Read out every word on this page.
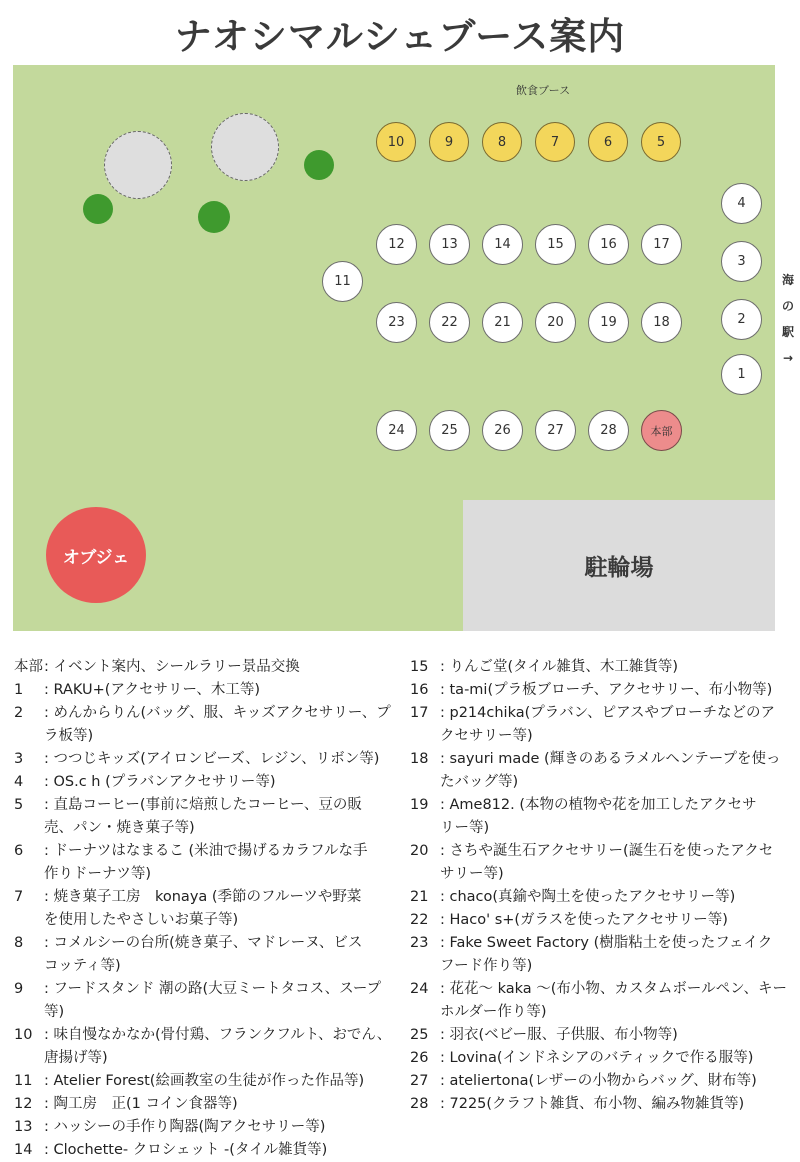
ナオシマルシェブース案内
飲食ブース
10	9	8	7	6	5
4
3
2
1
12	13	14	15	16	17
11
23	22	21	20	19	18
24	25	26	27	28	本部
オブジェ	駐輪場
海の駅→
本部 : イベント案内、シールラリー景品交換
1	: RAKU+(アクセサリー、木工等)
2	: めんからりん(バッグ、服、キッズアクセサリー、プ
ラ板等)
3	: つつじキッズ(アイロンビーズ、レジン、リボン等)
4	: OS.c h (プラバンアクセサリー等)
5	: 直島コーヒー(事前に焙煎したコーヒー、豆の販
売、パン・焼き菓子等)
6	: ドーナツはなまるこ (米油で揚げるカラフルな手
作りドーナツ等)
7	: 焼き菓子工房　konaya (季節のフルーツや野菜
を使用したやさしいお菓子等)
8	: コメルシーの台所(焼き菓子、マドレーヌ、ビス
コッティ等)
9	: フードスタンド 潮の路(大豆ミートタコス、スープ等)
10 : 味自慢なかなか(骨付鶏、フランクフルト、おでん、
唐揚げ等)
11 : Atelier Forest(絵画教室の生徒が作った作品等)
12 : 陶工房　正(1 コイン食器等)
13 : ハッシーの手作り陶器(陶アクセサリー等)
14 : Clochette- クロシェット -(タイル雑貨等)
15 : りんご堂(タイル雑貨、木工雑貨等)
16 : ta-mi(プラ板ブローチ、アクセサリー、布小物等)
17 : p214chika(プラバン、ピアスやブローチなどのア
クセサリー等)
18 : sayuri made (輝きのあるラメルヘンテープを使っ
たバッグ等)
19 : Ame812. (本物の植物や花を加工したアクセサ
リー等)
20 : さちや誕生石アクセサリー(誕生石を使ったアクセ
サリー等)
21 : chaco(真鍮や陶土を使ったアクセサリー等)
22 : Haco' s+(ガラスを使ったアクセサリー等)
23 : Fake Sweet Factory (樹脂粘土を使ったフェイク
フード作り等)
24 : 花花～ kaka ～(布小物、カスタムボールペン、キー
ホルダー作り等)
25 : 羽衣(ベビー服、子供服、布小物等)
26 : Lovina(インドネシアのバティックで作る服等)
27 : ateliertona(レザーの小物からバッグ、財布等)
28 : 7225(クラフト雑貨、布小物、編み物雑貨等)
